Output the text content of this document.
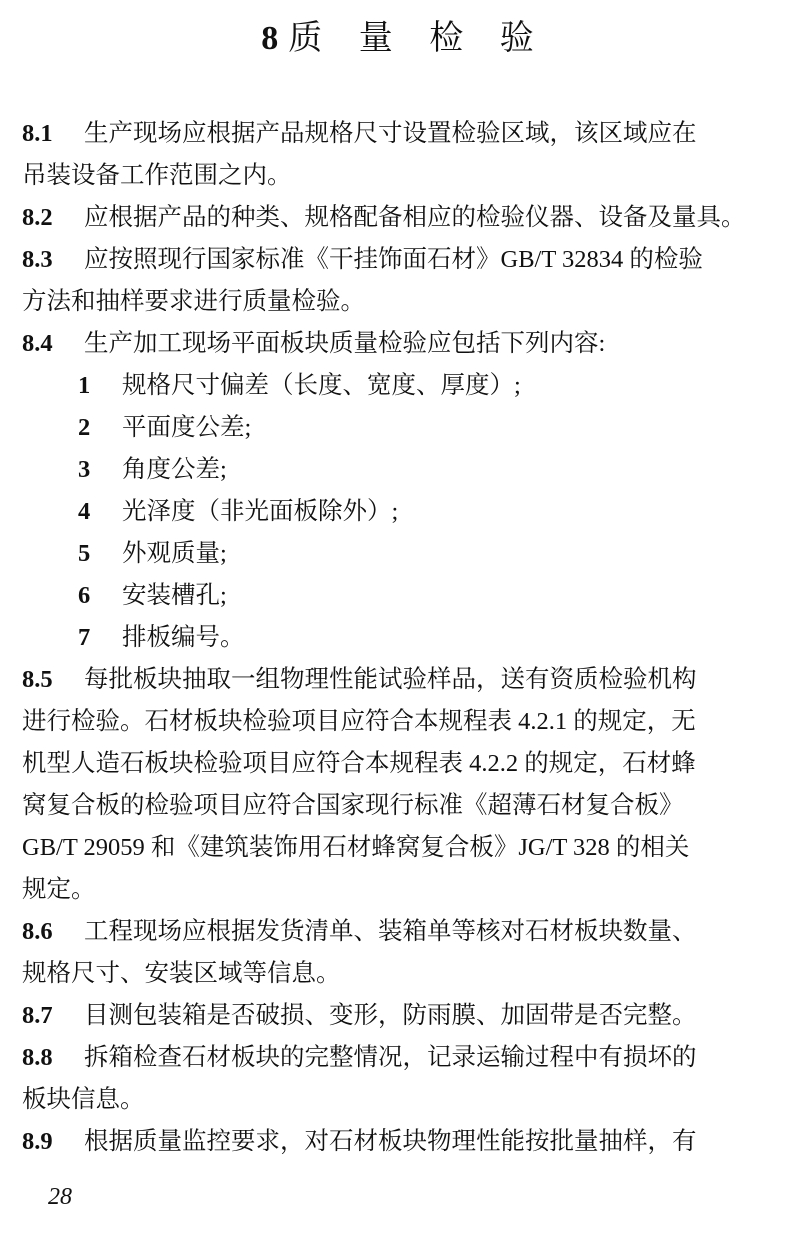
8 质 量 检 验
8.1 生产现场应根据产品规格尺寸设置检验区域，该区域应在
吊装设备工作范围之内。
8.2 应根据产品的种类、规格配备相应的检验仪器、设备及量具。
8.3 应按照现行国家标准《干挂饰面石材》GB/T 32834 的检验
方法和抽样要求进行质量检验。
8.4 生产加工现场平面板块质量检验应包括下列内容:
1 规格尺寸偏差（长度、宽度、厚度）;
2 平面度公差;
3 角度公差;
4 光泽度（非光面板除外）;
5 外观质量;
6 安装槽孔;
7 排板编号。
8.5 每批板块抽取一组物理性能试验样品，送有资质检验机构
进行检验。石材板块检验项目应符合本规程表 4.2.1 的规定，无
机型人造石板块检验项目应符合本规程表 4.2.2 的规定，石材蜂
窝复合板的检验项目应符合国家现行标准《超薄石材复合板》
GB/T 29059 和《建筑装饰用石材蜂窝复合板》JG/T 328 的相关
规定。
8.6 工程现场应根据发货清单、装箱单等核对石材板块数量、
规格尺寸、安装区域等信息。
8.7 目测包装箱是否破损、变形，防雨膜、加固带是否完整。
8.8 拆箱检查石材板块的完整情况，记录运输过程中有损坏的
板块信息。
8.9 根据质量监控要求，对石材板块物理性能按批量抽样，有
28
